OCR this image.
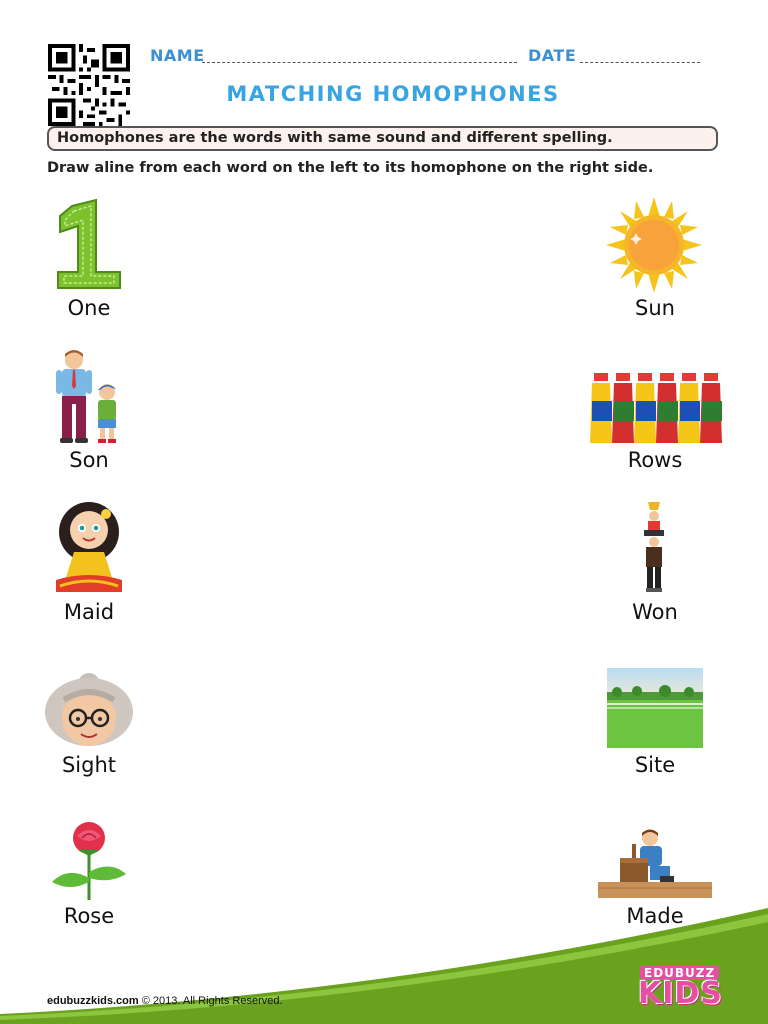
NAME	DATE
MATCHING HOMOPHONES
Homophones are the words with same sound and different spelling.
Draw aline from each word on the left to its homophone on the right side.
One
Son
Maid
Sight
Rose
Sun
Rows
Won
Site
Made
edubuzzkids.com © 2013. All Rights Reserved.
EDUBUZZ
KIDS
